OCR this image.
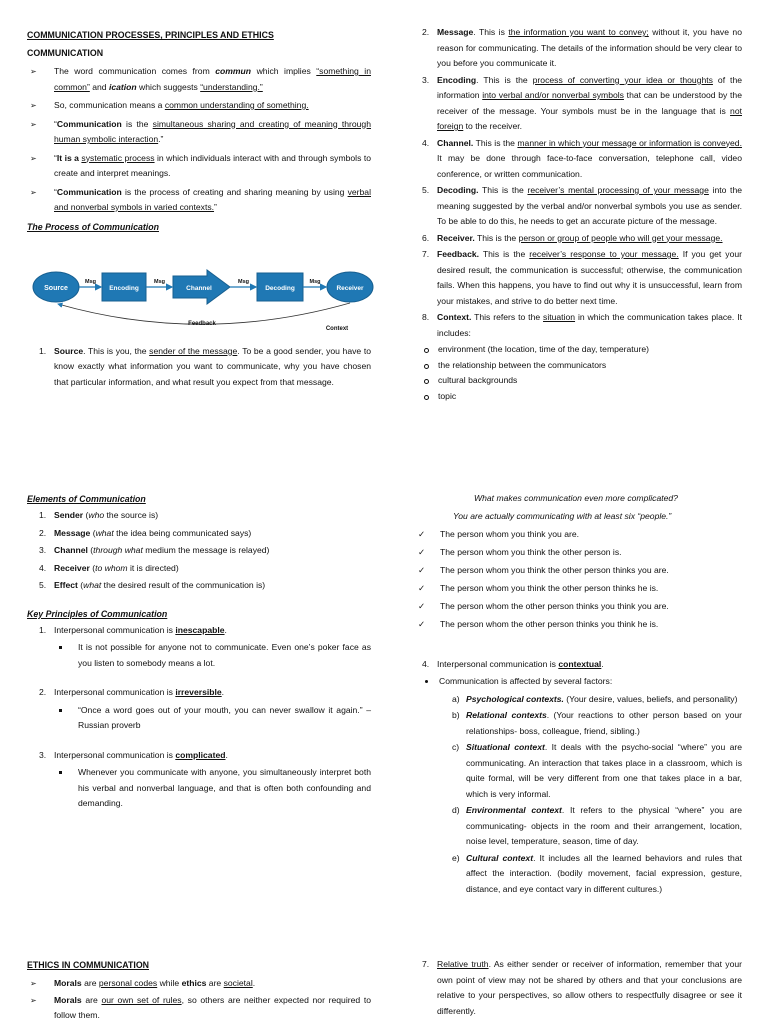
COMMUNICATION PROCESSES, PRINCIPLES AND ETHICS
COMMUNICATION
➢ The word communication comes from commun which implies “something in common” and ication which suggests “understanding.”
➢ So, communication means a common understanding of something.
➢ “Communication is the simultaneous sharing and creating of meaning through human symbolic interaction.”
➢ “It is a systematic process in which individuals interact with and through symbols to create and interpret meanings.
➢ “Communication is the process of creating and sharing meaning by using verbal and nonverbal symbols in varied contexts.”
The Process of Communication
Source	Encoding	Channel	Decoding	Receiver
Msg	Msg	Msg	Msg
Feedback
Context
1. Source. This is you, the sender of the message. To be a good sender, you have to know exactly what information you want to communicate, why you have chosen that particular information, and what result you expect from that message.
2. Message. This is the information you want to convey; without it, you have no reason for communicating. The details of the information should be very clear to you before you communicate it.
3. Encoding. This is the process of converting your idea or thoughts of the information into verbal and/or nonverbal symbols that can be understood by the receiver of the message. Your symbols must be in the language that is not foreign to the receiver.
4. Channel. This is the manner in which your message or information is conveyed. It may be done through face-to-face conversation, telephone call, video conference, or written communication.
5. Decoding. This is the receiver’s mental processing of your message into the meaning suggested by the verbal and/or nonverbal symbols you use as sender. To be able to do this, he needs to get an accurate picture of the message.
6. Receiver. This is the person or group of people who will get your message.
7. Feedback. This is the receiver’s response to your message. If you get your desired result, the communication is successful; otherwise, the communication fails. When this happens, you have to find out why it is unsuccessful, learn from your mistakes, and strive to do better next time.
8. Context. This refers to the situation in which the communication takes place. It includes:
environment (the location, time of the day, temperature)
the relationship between the communicators
cultural backgrounds
topic
Elements of Communication
1. Sender (who the source is)
2. Message (what the idea being communicated says)
3. Channel (through what medium the message is relayed)
4. Receiver (to whom it is directed)
5. Effect (what the desired result of the communication is)
Key Principles of Communication
1. Interpersonal communication is inescapable.
It is not possible for anyone not to communicate. Even one’s poker face as you listen to somebody means a lot.
2. Interpersonal communication is irreversible.
“Once a word goes out of your mouth, you can never swallow it again.” – Russian proverb
3. Interpersonal communication is complicated.
Whenever you communicate with anyone, you simultaneously interpret both his verbal and nonverbal language, and that is often both confounding and demanding.

What makes communication even more complicated?

You are actually communicating with at least six “people.”

✓ The person whom you think you are.
✓ The person whom you think the other person is.
✓ The person whom you think the other person thinks you are.
✓ The person whom you think the other person thinks he is.
✓ The person whom the other person thinks you think you are.
✓ The person whom the other person thinks you think he is.
4. Interpersonal communication is contextual.
Communication is affected by several factors:
a) Psychological contexts. (Your desire, values, beliefs, and personality)
b) Relational contexts. (Your reactions to other person based on your relationships- boss, colleague, friend, sibling.)
c) Situational context. It deals with the psycho-social “where” you are communicating. An interaction that takes place in a classroom, which is quite formal, will be very different from one that takes place in a bar, which is very informal.
d) Environmental context. It refers to the physical “where” you are communicating- objects in the room and their arrangement, location, noise level, temperature, season, time of day.
e) Cultural context. It includes all the learned behaviors and rules that affect the interaction. (bodily movement, facial expression, gesture, distance, and eye contact vary in different cultures.)
ETHICS IN COMMUNICATION
➢ Morals are personal codes while ethics are societal.
➢ Morals are our own set of rules, so others are neither expected nor required to follow them.
7. Relative truth. As either sender or receiver of information, remember that your own point of view may not be shared by others and that your conclusions are relative to your perspectives, so allow others to respectfully disagree or see it differently.
